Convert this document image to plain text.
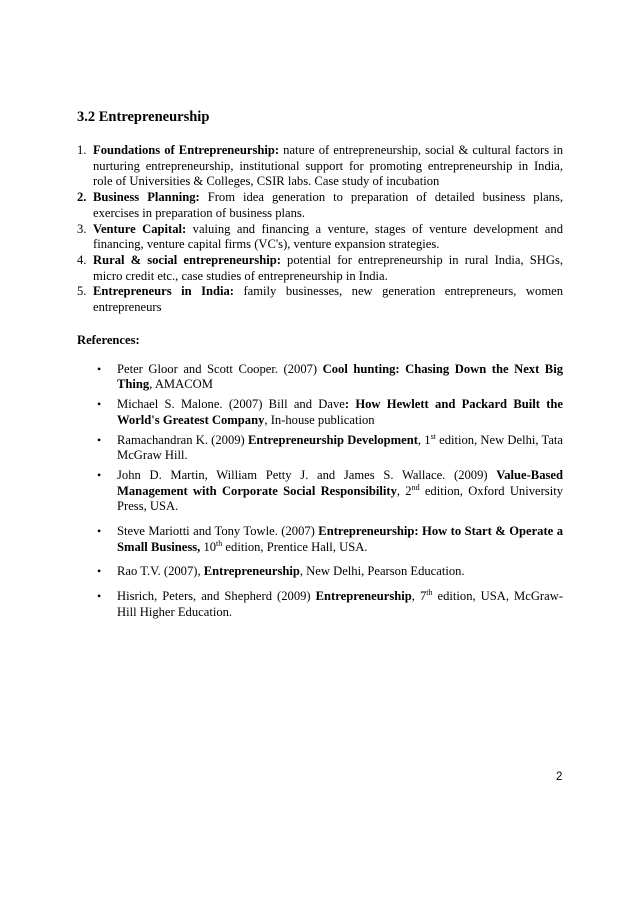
3.2 Entrepreneurship
1. Foundations of Entrepreneurship: nature of entrepreneurship, social & cultural factors in nurturing entrepreneurship, institutional support for promoting entrepreneurship in India, role of Universities & Colleges, CSIR labs. Case study of incubation
2. Business Planning: From idea generation to preparation of detailed business plans, exercises in preparation of business plans.
3. Venture Capital: valuing and financing a venture, stages of venture development and financing, venture capital firms (VC's), venture expansion strategies.
4. Rural & social entrepreneurship: potential for entrepreneurship in rural India, SHGs, micro credit etc., case studies of entrepreneurship in India.
5. Entrepreneurs in India: family businesses, new generation entrepreneurs, women entrepreneurs
References:
• Peter Gloor and Scott Cooper. (2007) Cool hunting: Chasing Down the Next Big Thing, AMACOM
• Michael S. Malone. (2007) Bill and Dave: How Hewlett and Packard Built the World's Greatest Company, In-house publication
• Ramachandran K. (2009) Entrepreneurship Development, 1st edition, New Delhi, Tata McGraw Hill.
• John D. Martin, William Petty J. and James S. Wallace. (2009) Value-Based Management with Corporate Social Responsibility, 2nd edition, Oxford University Press, USA.
• Steve Mariotti and Tony Towle. (2007) Entrepreneurship: How to Start & Operate a Small Business, 10th edition, Prentice Hall, USA.
• Rao T.V. (2007), Entrepreneurship, New Delhi, Pearson Education.
• Hisrich, Peters, and Shepherd (2009) Entrepreneurship, 7th edition, USA, McGraw-Hill Higher Education.
2
